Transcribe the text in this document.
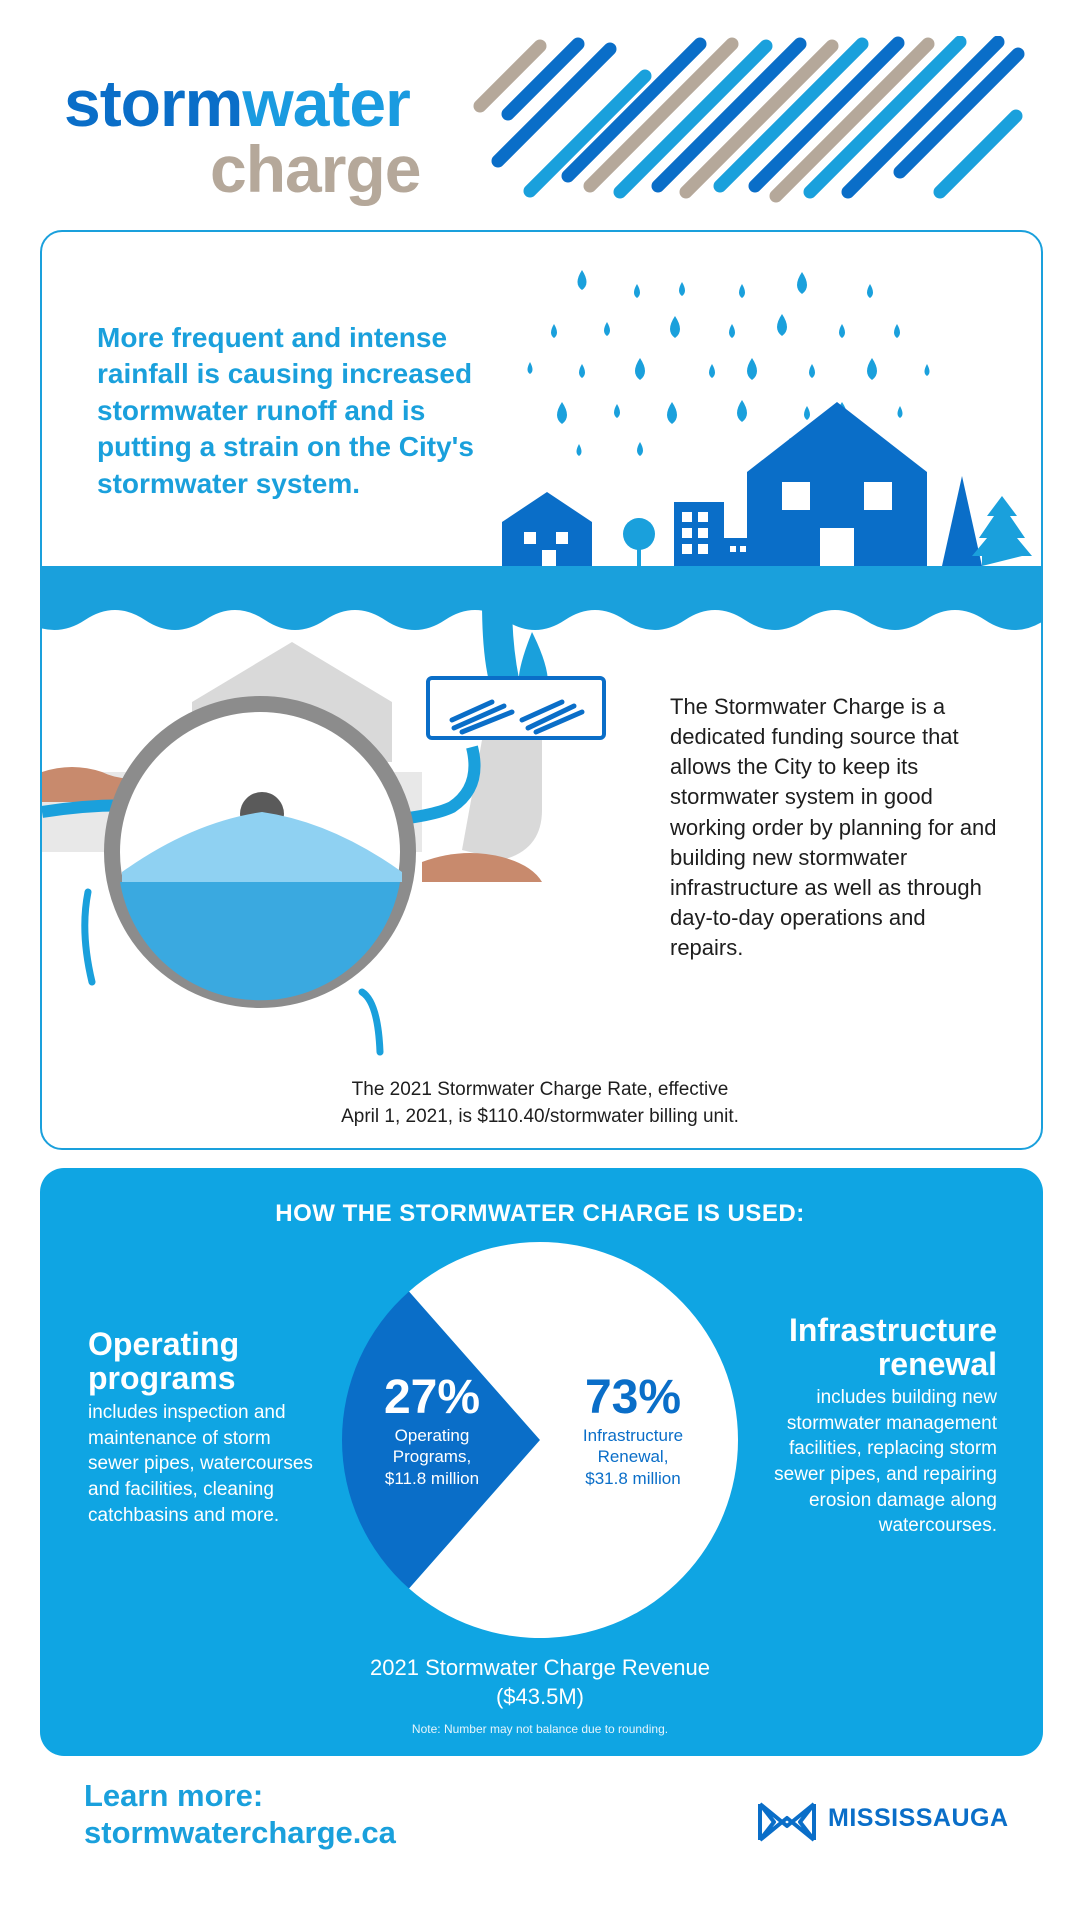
stormwater
charge
More frequent and intense rainfall is causing increased stormwater runoff and is putting a strain on the City's stormwater system.
The Stormwater Charge is a dedicated funding source that allows the City to keep its stormwater system in good working order by planning for and building new stormwater infrastructure as well as through day-to-day operations and repairs.
The 2021 Stormwater Charge Rate, effective
April 1, 2021, is $110.40/stormwater billing unit.
HOW THE STORMWATER CHARGE IS USED:
Operating
programs
includes inspection and maintenance of storm sewer pipes, watercourses and facilities, cleaning catchbasins and more.
Infrastructure
renewal
includes building new stormwater management facilities, replacing storm sewer pipes, and repairing erosion damage along watercourses.
27%
Operating
Programs,
$11.8 million
73%
Infrastructure
Renewal,
$31.8 million
2021 Stormwater Charge Revenue
($43.5M)
Note: Number may not balance due to rounding.
Learn more:
stormwatercharge.ca	MISSISSAUGA
